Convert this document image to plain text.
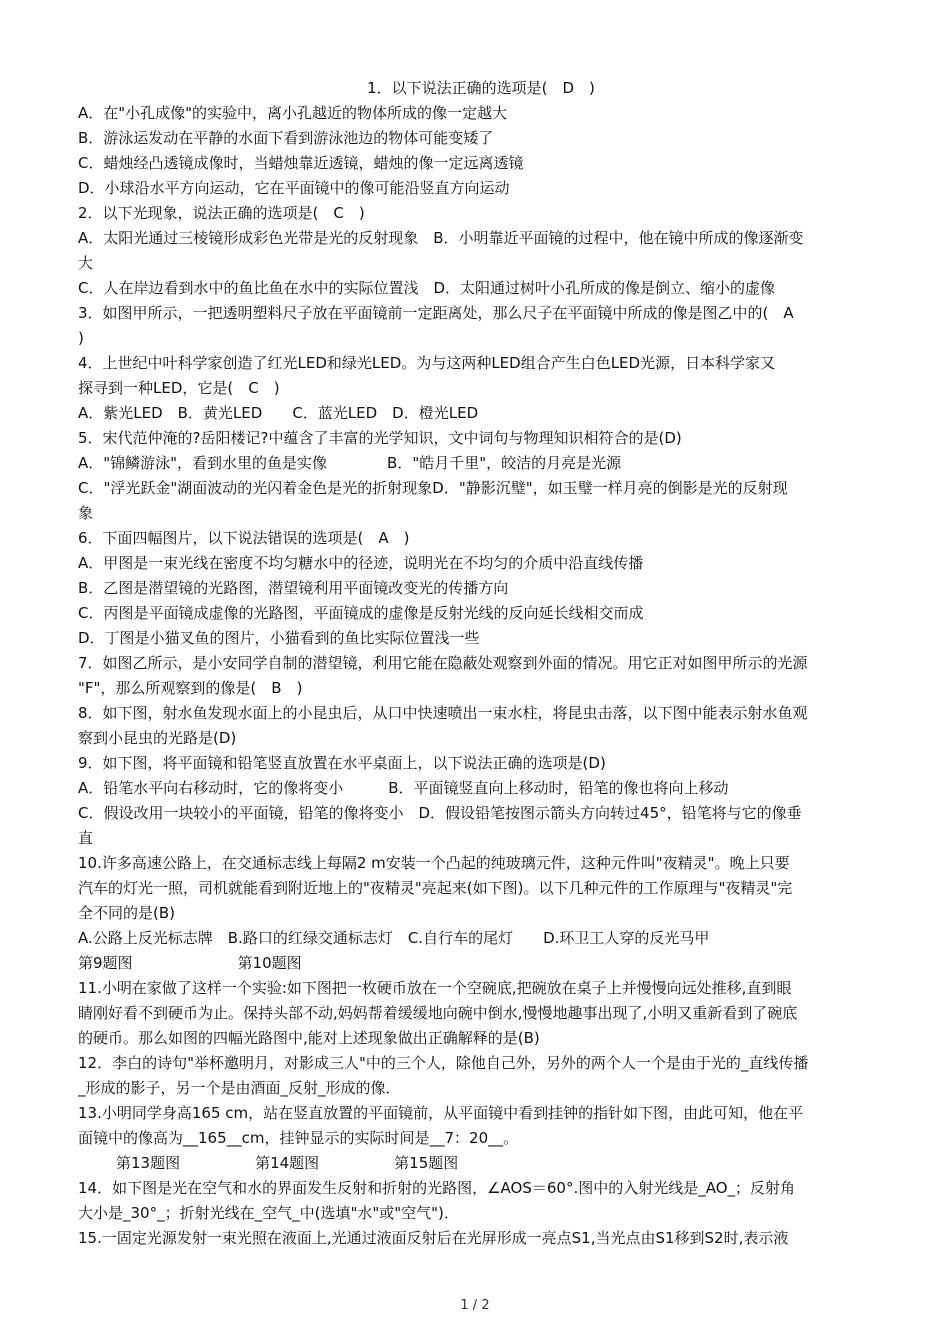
1．以下说法正确的选项是(　D　)
A．在"小孔成像"的实验中，离小孔越近的物体所成的像一定越大
B．游泳运发动在平静的水面下看到游泳池边的物体可能变矮了
C．蜡烛经凸透镜成像时，当蜡烛靠近透镜，蜡烛的像一定远离透镜
D．小球沿水平方向运动，它在平面镜中的像可能沿竖直方向运动
2．以下光现象，说法正确的选项是(　C　)
A．太阳光通过三棱镜形成彩色光带是光的反射现象　B．小明靠近平面镜的过程中，他在镜中所成的像逐渐变
大
C．人在岸边看到水中的鱼比鱼在水中的实际位置浅　D．太阳通过树叶小孔所成的像是倒立、缩小的虚像
3．如图甲所示，一把透明塑料尺子放在平面镜前一定距离处，那么尺子在平面镜中所成的像是图乙中的(　A
)
4．上世纪中叶科学家创造了红光LED和绿光LED。为与这两种LED组合产生白色LED光源，日本科学家又
探寻到一种LED，它是(　C　)
A．紫光LED　B．黄光LED　　C．蓝光LED　D．橙光LED
5．宋代范仲淹的?岳阳楼记?中蕴含了丰富的光学知识，文中词句与物理知识相符合的是(D)
A．"锦鳞游泳"，看到水里的鱼是实像　　　　B．"皓月千里"，皎洁的月亮是光源
C．"浮光跃金"湖面波动的光闪着金色是光的折射现象D．"静影沉璧"，如玉璧一样月亮的倒影是光的反射现
象
6．下面四幅图片，以下说法错误的选项是(　A　)
A．甲图是一束光线在密度不均匀糖水中的径迹，说明光在不均匀的介质中沿直线传播
B．乙图是潜望镜的光路图，潜望镜利用平面镜改变光的传播方向
C．丙图是平面镜成虚像的光路图，平面镜成的虚像是反射光线的反向延长线相交而成
D．丁图是小猫叉鱼的图片，小猫看到的鱼比实际位置浅一些
7．如图乙所示，是小安同学自制的潜望镜，利用它能在隐蔽处观察到外面的情况。用它正对如图甲所示的光源
"F"，那么所观察到的像是(　B　)
8．如下图，射水鱼发现水面上的小昆虫后，从口中快速喷出一束水柱，将昆虫击落，以下图中能表示射水鱼观
察到小昆虫的光路是(D)
9．如下图，将平面镜和铅笔竖直放置在水平桌面上，以下说法正确的选项是(D)
A．铅笔水平向右移动时，它的像将变小　　　B．平面镜竖直向上移动时，铅笔的像也将向上移动
C．假设改用一块较小的平面镜，铅笔的像将变小　D．假设铅笔按图示箭头方向转过45°，铅笔将与它的像垂
直
10.许多高速公路上，在交通标志线上每隔2 m安装一个凸起的纯玻璃元件，这种元件叫"夜精灵"。晚上只要
汽车的灯光一照，司机就能看到附近地上的"夜精灵"亮起来(如下图)。以下几种元件的工作原理与"夜精灵"完
全不同的是(B)
A.公路上反光标志牌　B.路口的红绿交通标志灯　C.自行车的尾灯　　D.环卫工人穿的反光马甲
第9题图　　　　　　　第10题图
11.小明在家做了这样一个实验:如下图把一枚硬币放在一个空碗底,把碗放在桌子上并慢慢向远处推移,直到眼
睛刚好看不到硬币为止。保持头部不动,妈妈帮着缓缓地向碗中倒水,慢慢地趣事出现了,小明又重新看到了碗底
的硬币。那么如图的四幅光路图中,能对上述现象做出正确解释的是(B)
12．李白的诗句"举杯邀明月，对影成三人"中的三个人，除他自己外，另外的两个人一个是由于光的_直线传播
_形成的影子，另一个是由酒面_反射_形成的像．
13.小明同学身高165 cm，站在竖直放置的平面镜前，从平面镜中看到挂钟的指针如下图，由此可知，他在平
面镜中的像高为__165__cm，挂钟显示的实际时间是__7：20__。
第13题图　　　　　第14题图　　　　　第15题图
14．如下图是光在空气和水的界面发生反射和折射的光路图，∠AOS＝60°.图中的入射光线是_AO_；反射角
大小是_30°_；折射光线在_空气_中(选填"水"或"空气")．
15.一固定光源发射一束光照在液面上,光通过液面反射后在光屏形成一亮点S1,当光点由S1移到S2时,表示液
1 / 2
